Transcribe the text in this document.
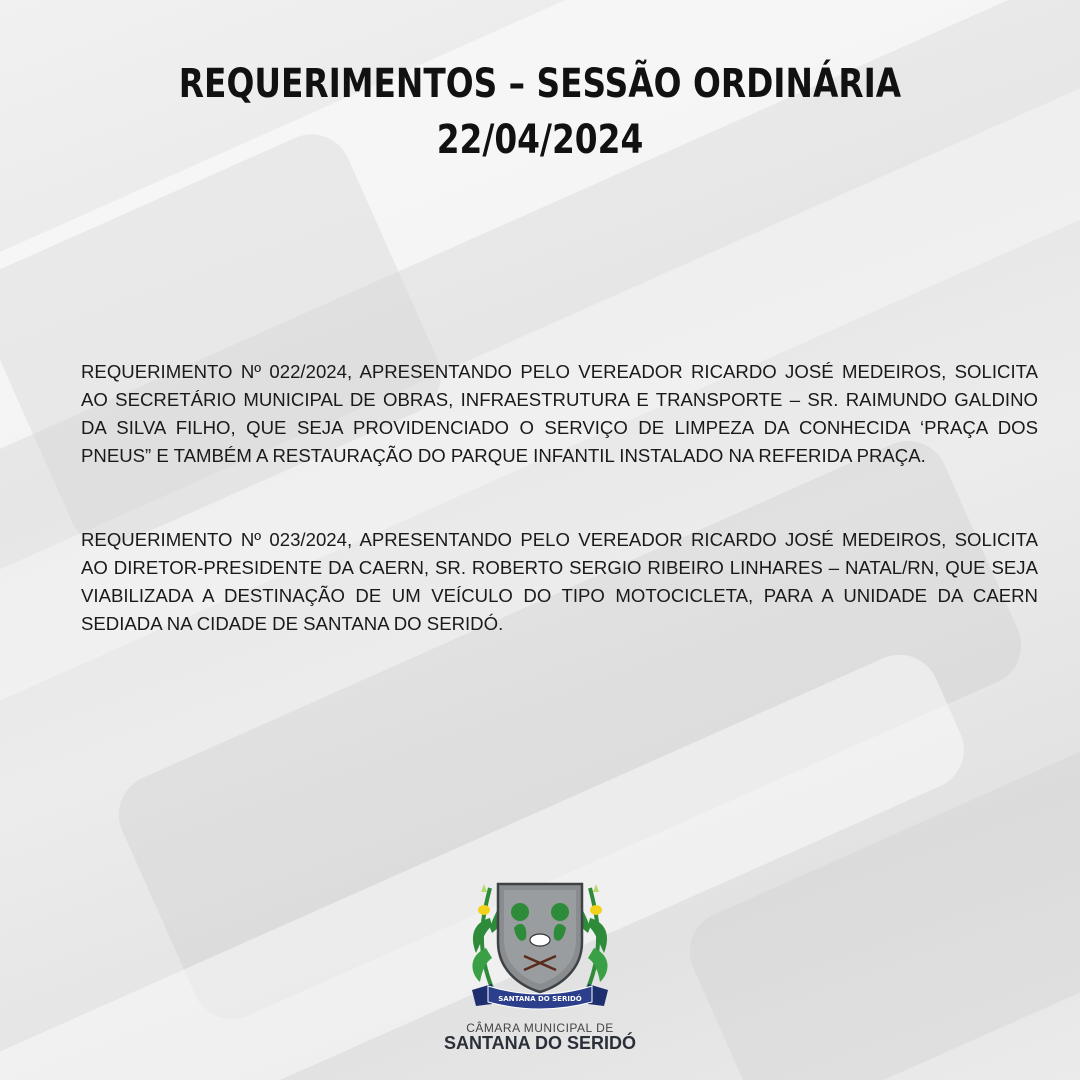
REQUERIMENTOS – SESSÃO ORDINÁRIA
22/04/2024
REQUERIMENTO Nº 022/2024, APRESENTANDO PELO VEREADOR RICARDO JOSÉ MEDEIROS, SOLICITA AO SECRETÁRIO MUNICIPAL DE OBRAS, INFRAESTRUTURA E TRANSPORTE – SR. RAIMUNDO GALDINO DA SILVA FILHO, QUE SEJA PROVIDENCIADO O SERVIÇO DE LIMPEZA DA CONHECIDA ‘PRAÇA DOS PNEUS” E TAMBÉM A RESTAURAÇÃO DO PARQUE INFANTIL INSTALADO NA REFERIDA PRAÇA.
REQUERIMENTO Nº 023/2024, APRESENTANDO PELO VEREADOR RICARDO JOSÉ MEDEIROS, SOLICITA AO DIRETOR-PRESIDENTE DA CAERN, SR. ROBERTO SERGIO RIBEIRO LINHARES – NATAL/RN, QUE SEJA VIABILIZADA A DESTINAÇÃO DE UM VEÍCULO DO TIPO MOTOCICLETA, PARA A UNIDADE DA CAERN SEDIADA NA CIDADE DE SANTANA DO SERIDÓ.
SANTANA DO SERIDÓ
CÂMARA MUNICIPAL DE
SANTANA DO SERIDÓ
